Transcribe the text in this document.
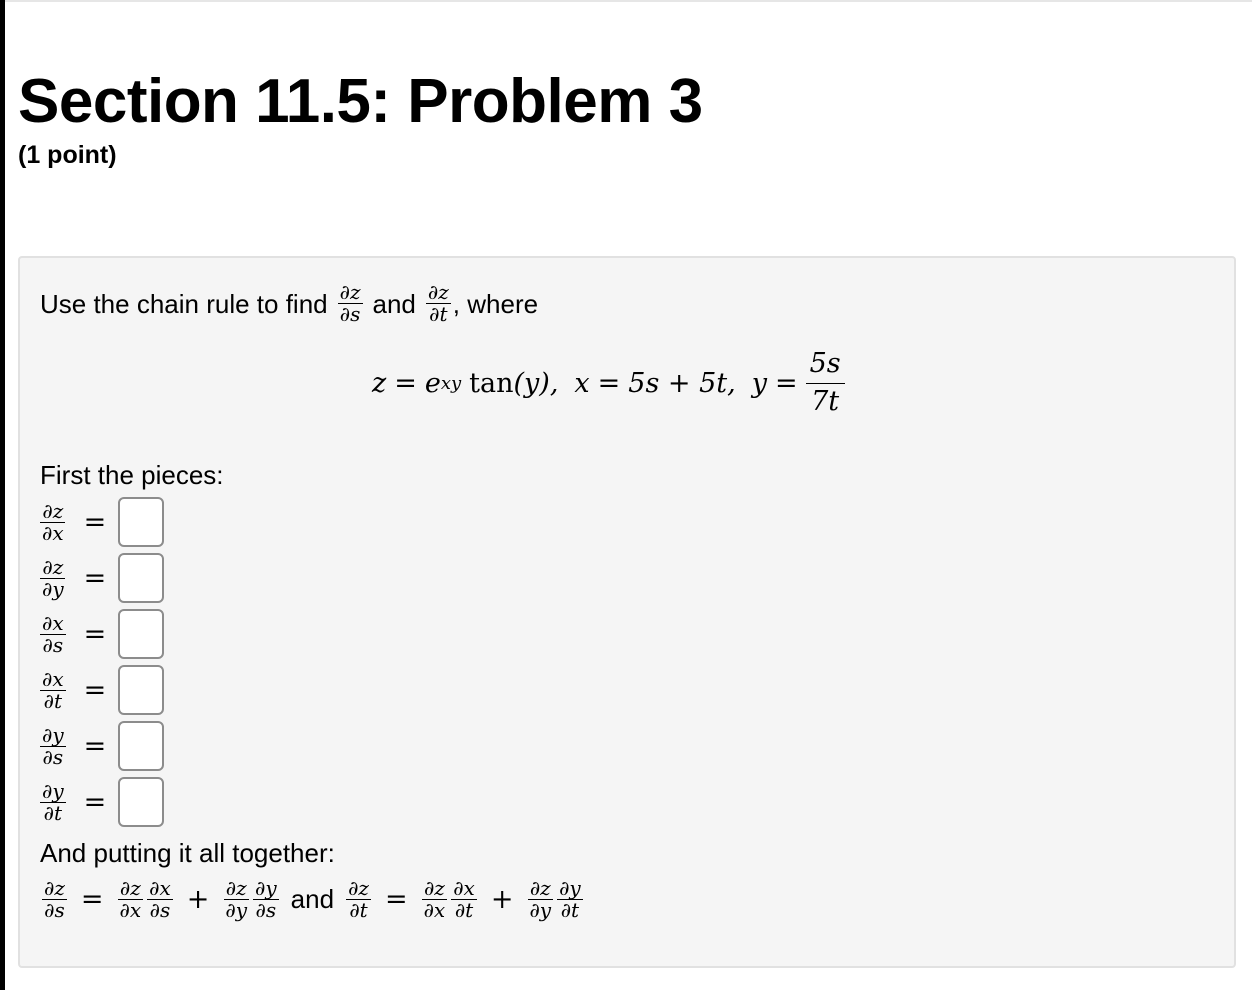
Section 11.5: Problem 3
(1 point)
Use the chain rule to find $\frac{\partial z}{\partial s}$ and $\frac{\partial z}{\partial t}$ , where
z = e xy tan (y), x = 5s + 5t, $y = \frac{5s}{7t}$
First the pieces:
$\frac{\partial z}{\partial x}$ =
$\frac{\partial z}{\partial y}$ =
$\frac{\partial x}{\partial s}$ =
$\frac{\partial x}{\partial t}$ =
$\frac{\partial y}{\partial s}$ =
$\frac{\partial y}{\partial t}$ =
And putting it all together:
$\frac{\partial z}{\partial s} = \frac{\partial z}{\partial x} \frac{\partial x}{\partial s} + \frac{\partial z}{\partial y} \frac{\partial y}{\partial s}$ and $\frac{\partial z}{\partial t} = \frac{\partial z}{\partial x} \frac{\partial x}{\partial t} + \frac{\partial z}{\partial y} \frac{\partial y}{\partial t}$
